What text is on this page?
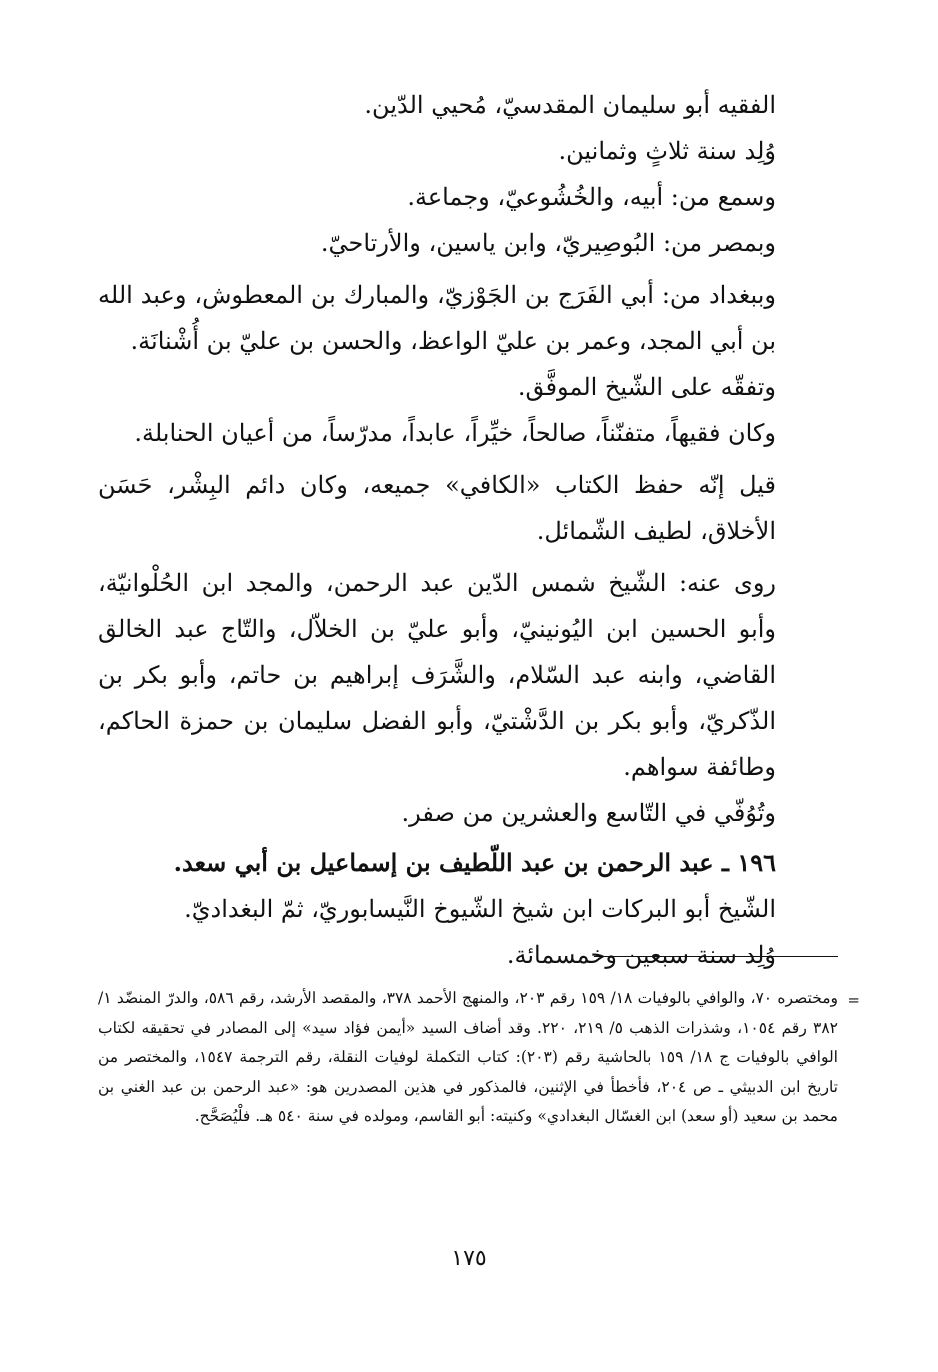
الفقيه أبو سليمان المقدسيّ، مُحيي الدّين.

وُلِد سنة ثلاثٍ وثمانين.

وسمع من: أبيه، والخُشُوعيّ، وجماعة.

وبمصر من: البُوصِيريّ، وابن ياسين، والأرتاحيّ.

وببغداد من: أبي الفَرَج بن الجَوْزيّ، والمبارك بن المعطوش، وعبد الله بن أبي المجد، وعمر بن عليّ الواعظ، والحسن بن عليّ بن أُشْنانَة.

وتفقّه على الشّيخ الموفَّق.

وكان فقيهاً، متفنّناً، صالحاً، خيِّراً، عابداً، مدرّساً، من أعيان الحنابلة.

قيل إنّه حفظ الكتاب «الكافي» جميعه، وكان دائم البِشْر، حَسَن الأخلاق، لطيف الشّمائل.

روى عنه: الشّيخ شمس الدّين عبد الرحمن، والمجد ابن الحُلْوانيّة، وأبو الحسين ابن اليُونينيّ، وأبو عليّ بن الخلاّل، والتّاج عبد الخالق القاضي، وابنه عبد السّلام، والشَّرَف إبراهيم بن حاتم، وأبو بكر بن الذّكريّ، وأبو بكر بن الدَّشْتيّ، وأبو الفضل سليمان بن حمزة الحاكم، وطائفة سواهم.

وتُوُفّي في التّاسع والعشرين من صفر.

١٩٦ ـ عبد الرحمن بن عبد اللّطيف بن إسماعيل بن أبي سعد.

الشّيخ أبو البركات ابن شيخ الشّيوخ النَّيسابوريّ، ثمّ البغداديّ.

وُلِد سنة سبعين وخمسمائة.

=
ومختصره ٧٠، والوافي بالوفيات ١٨/ ١٥٩ رقم ٢٠٣، والمنهج الأحمد ٣٧٨، والمقصد الأرشد، رقم ٥٨٦، والدرّ المنضّد ١/ ٣٨٢ رقم ١٠٥٤، وشذرات الذهب ٥/ ٢١٩، ٢٢٠. وقد أضاف السيد «أيمن فؤاد سيد» إلى المصادر في تحقيقه لكتاب الوافي بالوفيات ج ١٨/ ١٥٩ بالحاشية رقم (٢٠٣): كتاب التكملة لوفيات النقلة، رقم الترجمة ١٥٤٧، والمختصر من تاريخ ابن الدبيثي ـ ص ٢٠٤، فأخطأ في الإثنين، فالمذكور في هذين المصدرين هو: «عبد الرحمن بن عبد الغني بن محمد بن سعيد (أو سعد) ابن الغسّال البغدادي» وكنيته: أبو القاسم، ومولده في سنة ٥٤٠ هـ. فلْيُصَحَّح.
١٧٥
